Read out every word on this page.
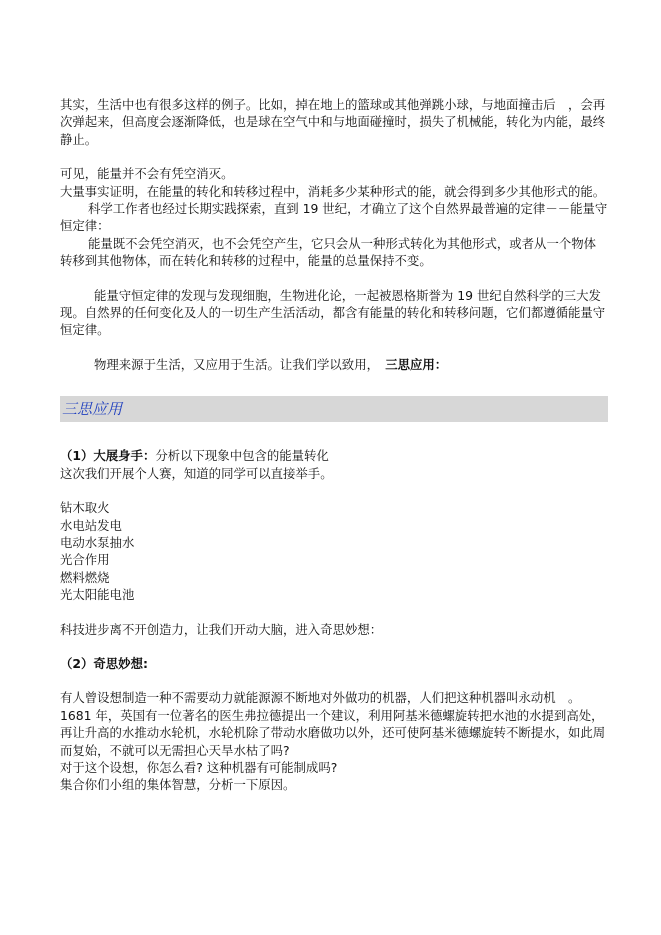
其实，生活中也有很多这样的例子。比如，掉在地上的篮球或其他弹跳小球，与地面撞击后　，会再次弹起来，但高度会逐渐降低，也是球在空气中和与地面碰撞时，损失了机械能，转化为内能，最终静止。

可见，能量并不会有凭空消灭。

大量事实证明，在能量的转化和转移过程中，消耗多少某种形式的能，就会得到多少其他形式的能。

科学工作者也经过长期实践探索，直到 19 世纪，才确立了这个自然界最普遍的定律－－能量守恒定律：

能量既不会凭空消灭，也不会凭空产生，它只会从一种形式转化为其他形式，或者从一个物体转移到其他物体，而在转化和转移的过程中，能量的总量保持不变。

能量守恒定律的发现与发现细胞，生物进化论，一起被恩格斯誉为 19 世纪自然科学的三大发现。自然界的任何变化及人的一切生产生活活动，都含有能量的转化和转移问题，它们都遵循能量守恒定律。

物理来源于生活，又应用于生活。让我们学以致用，　 三思应用：

三思应用

（1）大展身手：分析以下现象中包含的能量转化

这次我们开展个人赛，知道的同学可以直接举手。

钻木取火

水电站发电

电动水泵抽水

光合作用

燃料燃烧

光太阳能电池

科技进步离不开创造力，让我们开动大脑，进入奇思妙想：

（2）奇思妙想:

有人曾设想制造一种不需要动力就能源源不断地对外做功的机器，人们把这种机器叫永动机　。

1681 年，英国有一位著名的医生弗拉德提出一个建议，利用阿基米德螺旋转把水池的水提到高处，再让升高的水推动水轮机，水轮机除了带动水磨做功以外，还可使阿基米德螺旋转不断提水，如此周而复始，不就可以无需担心天旱水枯了吗?

对于这个设想，你怎么看? 这种机器有可能制成吗?

集合你们小组的集体智慧，分析一下原因。
